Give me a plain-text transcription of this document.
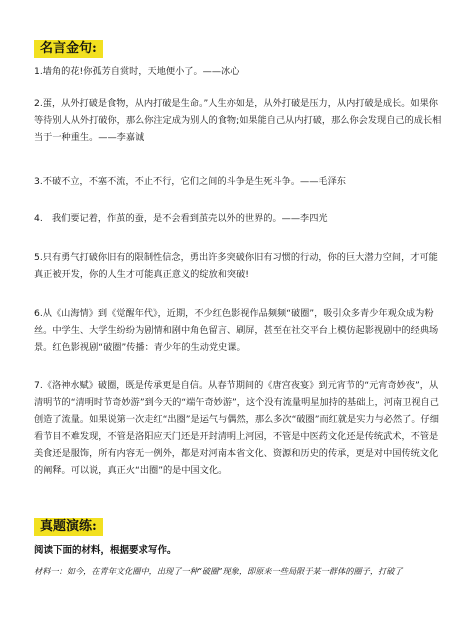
名言金句:
1.墙角的花!你孤芳自赏时，天地便小了。——冰心
2.蛋，从外打破是食物，从内打破是生命。”人生亦如是，从外打破是压力，从内打破是成长。如果你等待别人从外打破你，那么你注定成为别人的食物;如果能自己从内打破，那么你会发现自己的成长相当于一种重生。——李嘉诚
3.不破不立，不塞不流，不止不行，它们之间的斗争是生死斗争。——毛泽东
4.　我们要记着，作茧的蚕，是不会看到茧壳以外的世界的。——李四光
5.只有勇气打破你旧有的限制性信念，勇出许多突破你旧有习惯的行动，你的巨大潜力空间，才可能真正被开发，你的人生才可能真正意义的绽放和突破!
6.从《山海情》到《觉醒年代》，近期，不少红色影视作品频频“破圈”，吸引众多青少年观众成为粉丝。中学生、大学生纷纷为剧情和剧中角色留言、刷屏，甚至在社交平台上模仿起影视剧中的经典场景。红色影视剧“破圈”传播：青少年的生动党史课。
7.《洛神水赋》破圈，既是传承更是自信。从春节期间的《唐宫夜宴》到元宵节的“元宵奇妙夜”，从清明节的“清明时节奇妙游”到今天的“端午奇妙游”，这个没有流量明星加持的基础上，河南卫视自己创造了流量。如果说第一次走红“出圈”是运气与偶然，那么多次“破圈”而红就是实力与必然了。仔细看节目不难发现，不管是洛阳应天门还是开封清明上河园，不管是中医药文化还是传统武术，不管是美食还是服饰，所有内容无一例外，都是对河南本省文化、资源和历史的传承，更是对中国传统文化的阐释。可以说，真正火“出圈”的是中国文化。
真题演练:
阅读下面的材料，根据要求写作。
材料一：如今，在青年文化圈中，出现了一种“破圈”现象，即原来一些局限于某一群体的圈子，打破了
